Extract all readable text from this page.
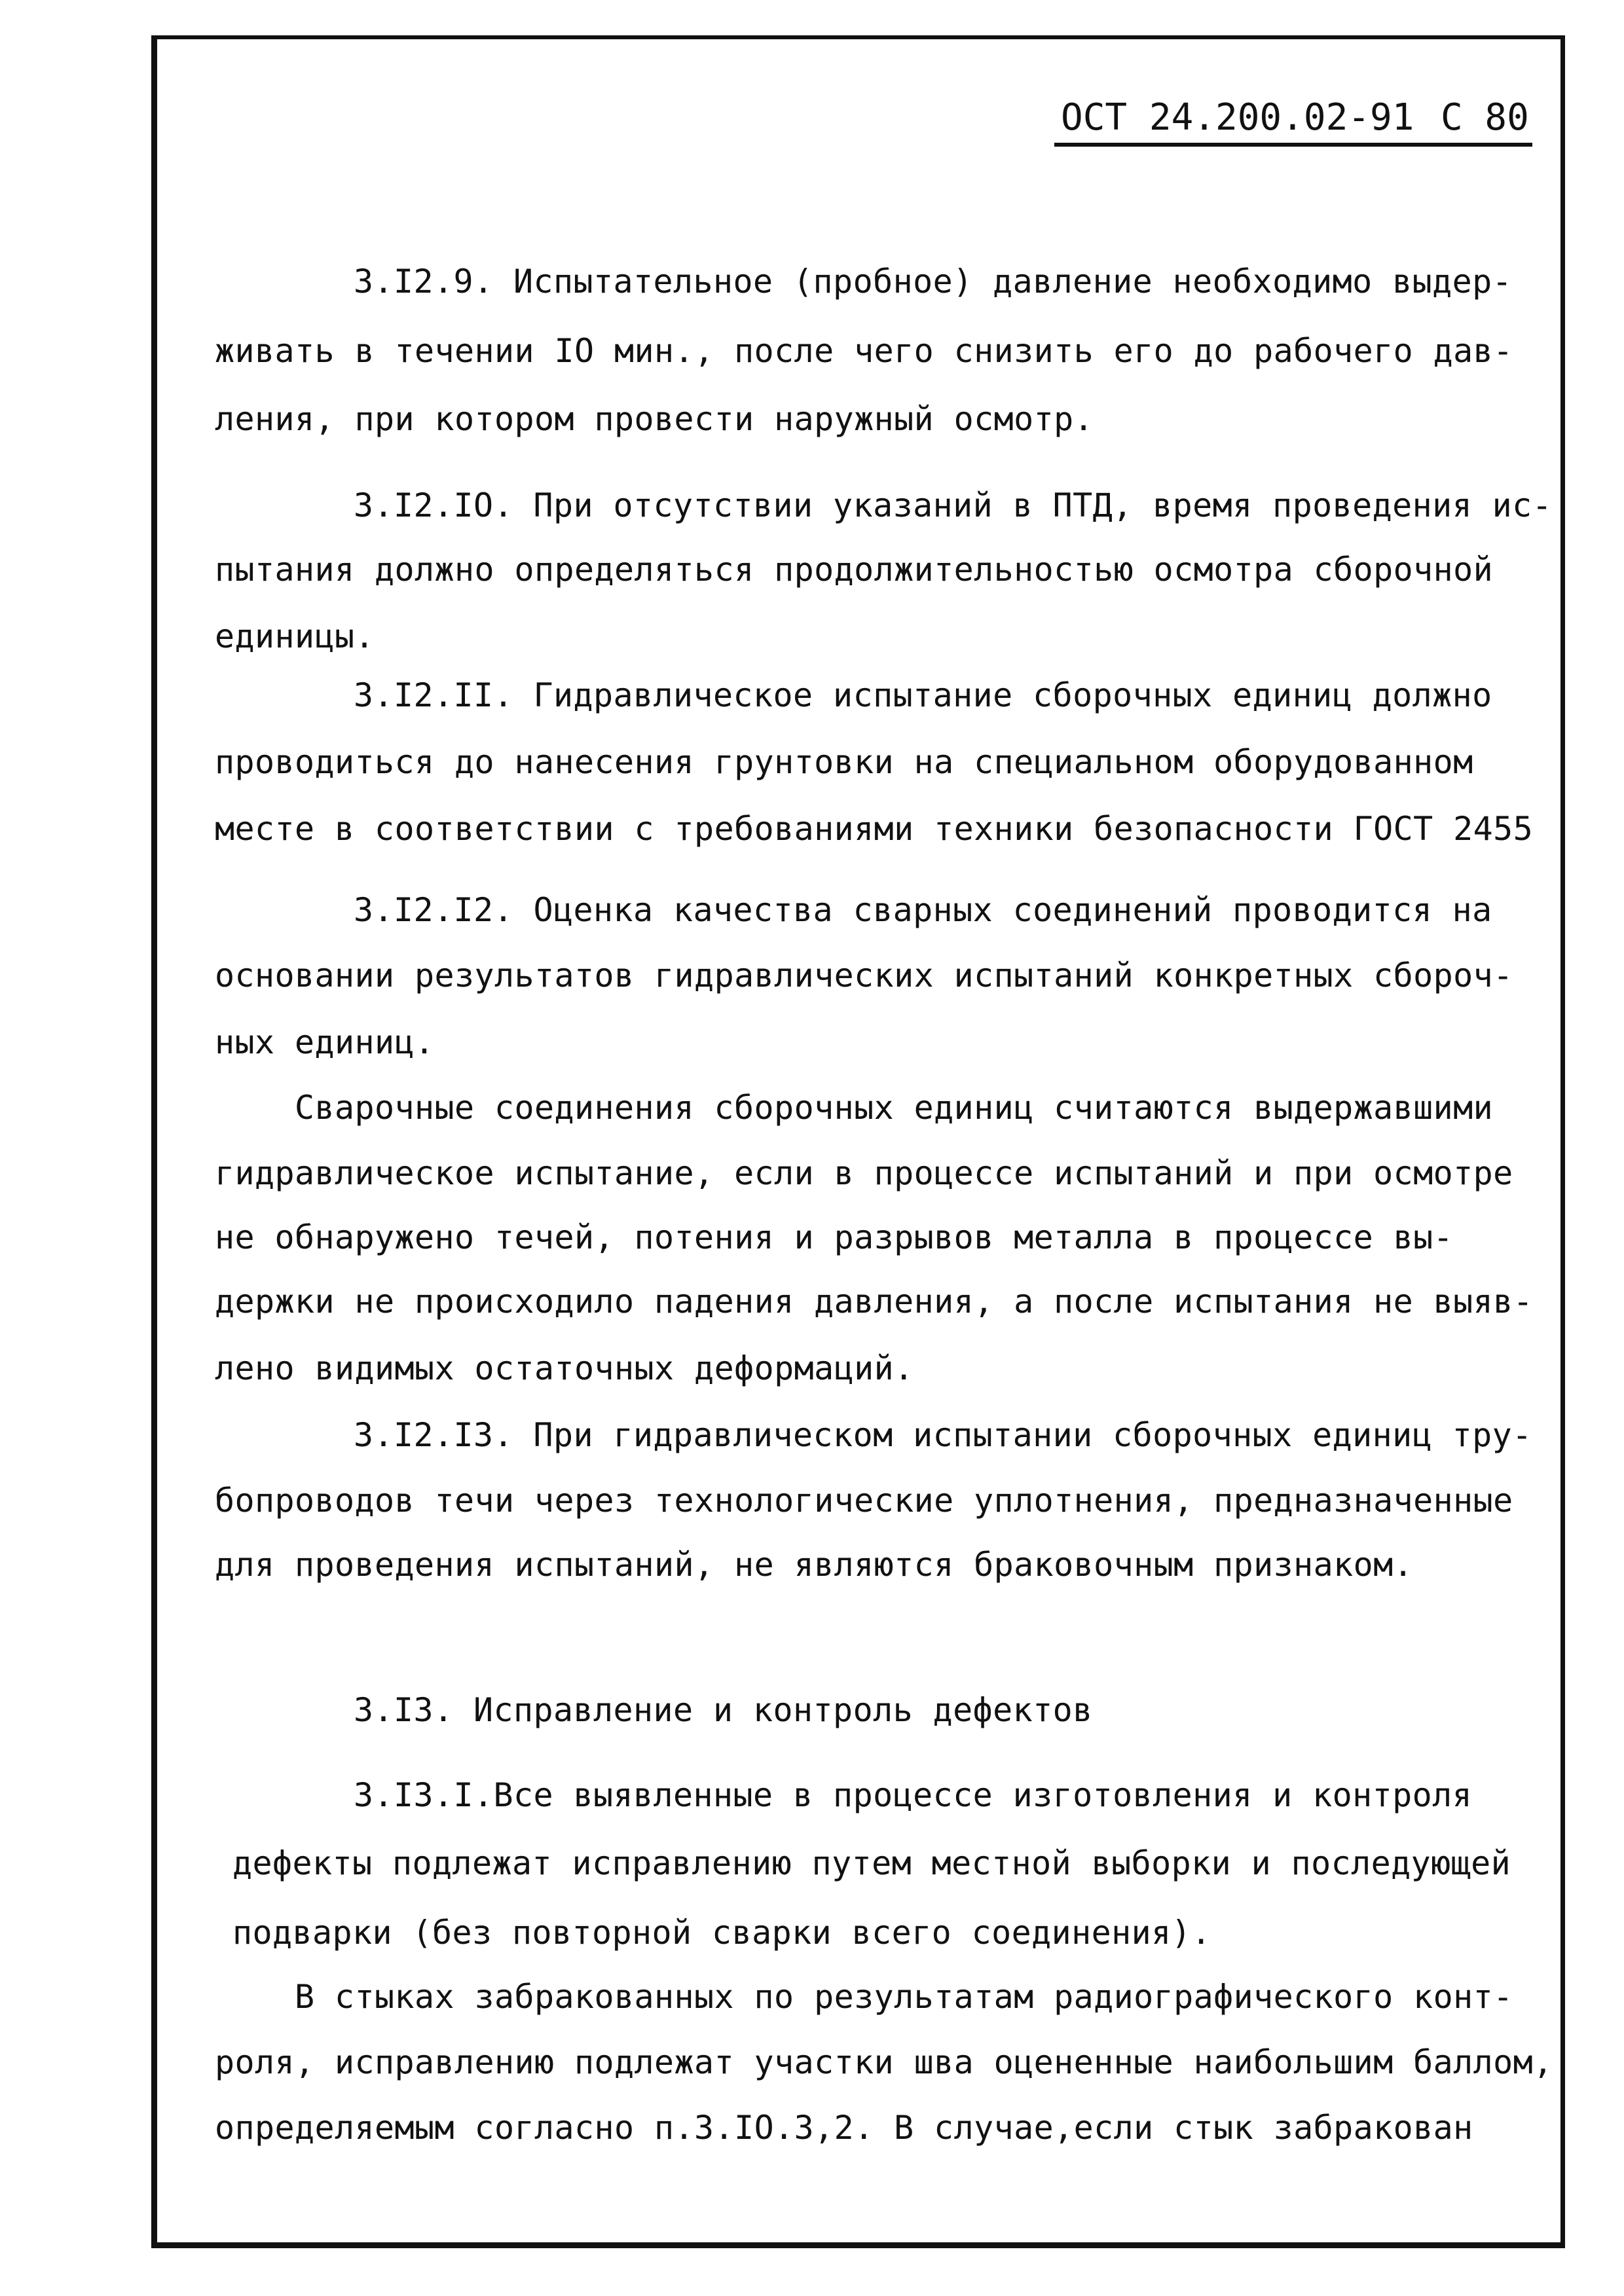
ОСТ 24.200.02-91 С 80
3.I2.9. Испытательное (пробное) давление необходимо выдер-
живать в течении IO мин., после чего снизить его до рабочего дав-
ления, при котором провести наружный осмотр.
3.I2.IO. При отсутствии указаний в ПТД, время проведения ис-
пытания должно определяться продолжительностью осмотра сборочной
единицы.
3.I2.II. Гидравлическое испытание сборочных единиц должно
проводиться до нанесения грунтовки на специальном оборудованном
месте в соответствии с требованиями техники безопасности ГОСТ 2455
3.I2.I2. Оценка качества сварных соединений проводится на
основании результатов гидравлических испытаний конкретных сбороч-
ных единиц.
Сварочные соединения сборочных единиц считаются выдержавшими
гидравлическое испытание, если в процессе испытаний и при осмотре
не обнаружено течей, потения и разрывов металла в процессе вы-
держки не происходило падения давления, а после испытания не выяв-
лено видимых остаточных деформаций.
3.I2.I3. При гидравлическом испытании сборочных единиц тру-
бопроводов течи через технологические уплотнения, предназначенные
для проведения испытаний, не являются браковочным признаком.
3.I3. Исправление и контроль дефектов
3.I3.I.Все выявленные в процессе изготовления и контроля
дефекты подлежат исправлению путем местной выборки и последующей
подварки (без повторной сварки всего соединения).
В стыках забракованных по результатам радиографического конт-
роля, исправлению подлежат участки шва оцененные наибольшим баллом,
определяемым согласно п.3.IO.3,2. В случае,если стык забракован
